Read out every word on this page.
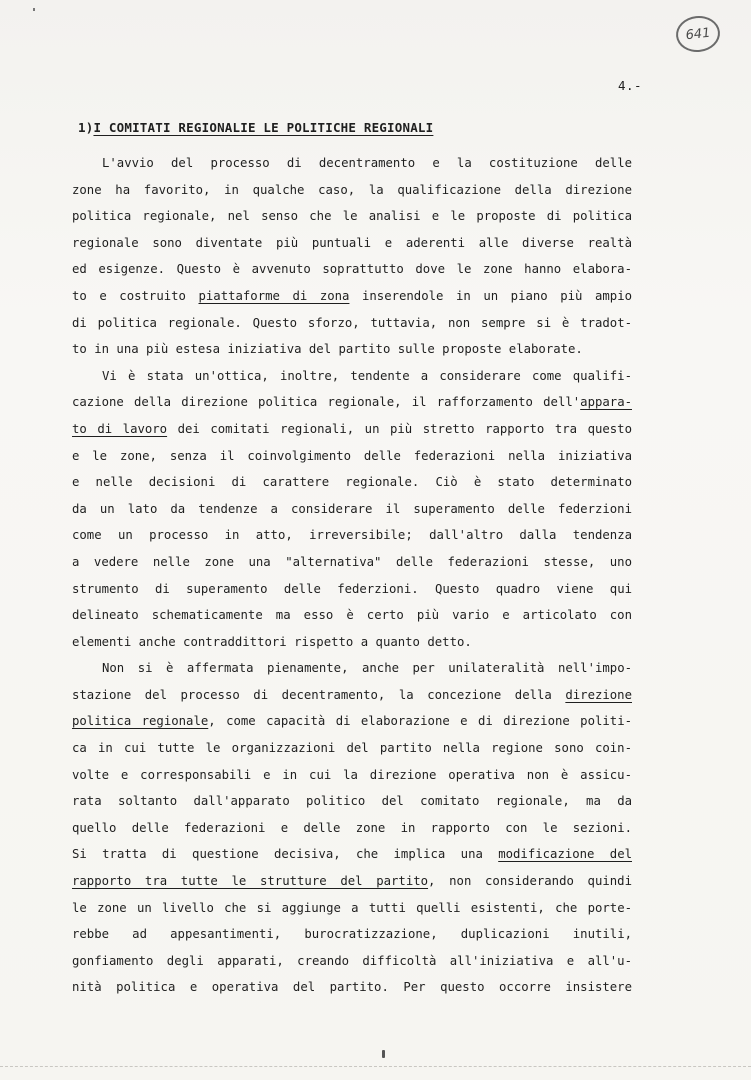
641
4.-
1)I COMITATI REGIONALIE LE POLITICHE REGIONALI
L'avvio del processo di decentramento e la costituzione delle
zone ha favorito, in qualche caso, la qualificazione della direzione
politica regionale, nel senso che le analisi e le proposte di politica
regionale sono diventate più puntuali e aderenti alle diverse realtà
ed esigenze. Questo è avvenuto soprattutto dove le zone hanno elabora-
to e costruito piattaforme di zona inserendole in un piano più ampio
di politica regionale. Questo sforzo, tuttavia, non sempre si è tradot-
to in una più estesa iniziativa del partito sulle proposte elaborate.
Vi è stata un'ottica, inoltre, tendente a considerare come qualifi-
cazione della direzione politica regionale, il rafforzamento dell'appara-
to di lavoro dei comitati regionali, un più stretto rapporto tra questo
e le zone, senza il coinvolgimento delle federazioni nella iniziativa
e nelle decisioni di carattere regionale. Ciò è stato determinato
da un lato da tendenze a considerare il superamento delle federzioni
come un processo in atto, irreversibile; dall'altro dalla tendenza
a vedere nelle zone una "alternativa" delle federazioni stesse, uno
strumento di superamento delle federzioni. Questo quadro viene qui
delineato schematicamente ma esso è certo più vario e articolato con
elementi anche contraddittori rispetto a quanto detto.
Non si è affermata pienamente, anche per unilateralità nell'impo-
stazione del processo di decentramento, la concezione della direzione
politica regionale, come capacità di elaborazione e di direzione politi-
ca in cui tutte le organizzazioni del partito nella regione sono coin-
volte e corresponsabili e in cui la direzione operativa non è assicu-
rata soltanto dall'apparato politico del comitato regionale, ma da
quello delle federazioni e delle zone in rapporto con le sezioni.
Si tratta di questione decisiva, che implica una modificazione del
rapporto tra tutte le strutture del partito, non considerando quindi
le zone un livello che si aggiunge a tutti quelli esistenti, che porte-
rebbe ad appesantimenti, burocratizzazione, duplicazioni inutili,
gonfiamento degli apparati, creando difficoltà all'iniziativa e all'u-
nità politica e operativa del partito. Per questo occorre insistere
